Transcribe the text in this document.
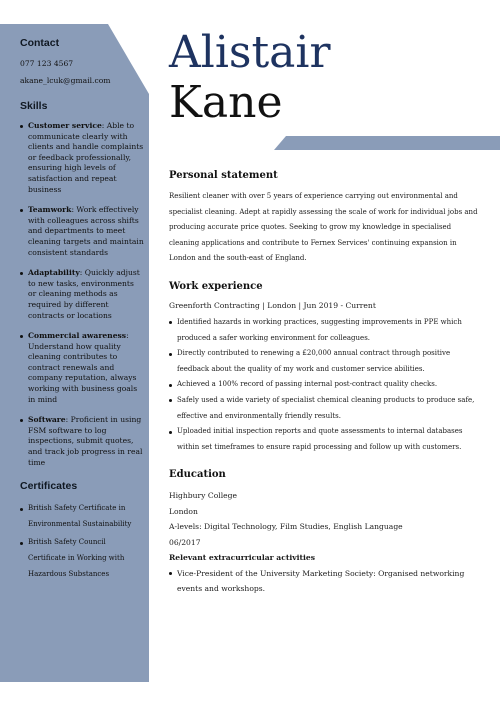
Contact

077 123 4567

akane_lcuk@gmail.com

Skills
Customer service: Able to communicate clearly with clients and handle complaints or feedback professionally, ensuring high levels of satisfaction and repeat business
Teamwork: Work effectively with colleagues across shifts and departments to meet cleaning targets and maintain consistent standards
Adaptability: Quickly adjust to new tasks, environments or cleaning methods as required by different contracts or locations
Commercial awareness: Understand how quality cleaning contributes to contract renewals and company reputation, always working with business goals in mind
Software: Proficient in using FSM software to log inspections, submit quotes, and track job progress in real time
Certificates
British Safety Certificate in Environmental Sustainability
British Safety Council Certificate in Working with Hazardous Substances
Alistair
Kane
Personal statement

Resilient cleaner with over 5 years of experience carrying out environmental and specialist cleaning. Adept at rapidly assessing the scale of work for individual jobs and producing accurate price quotes. Seeking to grow my knowledge in specialised cleaning applications and contribute to Fernex Services' continuing expansion in London and the south-east of England.

Work experience

Greenforth Contracting | London | Jun 2019 - Current

Identified hazards in working practices, suggesting improvements in PPE which produced a safer working environment for colleagues.
Directly contributed to renewing a £20,000 annual contract through positive feedback about the quality of my work and customer service abilities.
Achieved a 100% record of passing internal post-contract quality checks.
Safely used a wide variety of specialist chemical cleaning products to produce safe, effective and environmentally friendly results.
Uploaded initial inspection reports and quote assessments to internal databases within set timeframes to ensure rapid processing and follow up with customers.
Education

Highbury College

London

A-levels: Digital Technology, Film Studies, English Language

06/2017

Relevant extracurricular activities

Vice-President of the University Marketing Society: Organised networking events and workshops.
